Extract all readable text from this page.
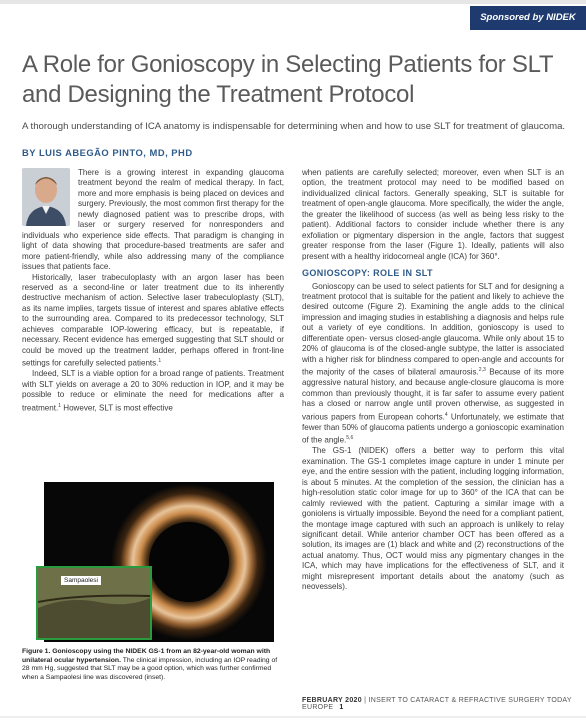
Sponsored by NIDEK
A Role for Gonioscopy in Selecting Patients for SLT and Designing the Treatment Protocol
A thorough understanding of ICA anatomy is indispensable for determining when and how to use SLT for treatment of glaucoma.
BY LUIS ABEGÃO PINTO, MD, PHD

There is a growing interest in expanding glaucoma treatment beyond the realm of medical therapy. In fact, more and more emphasis is being placed on devices and surgery. Previously, the most common first therapy for the newly diagnosed patient was to prescribe drops, with laser or surgery reserved for nonresponders and individuals who experience side effects. That paradigm is changing in light of data showing that procedure-based treatments are safer and more patient-friendly, while also addressing many of the compliance issues that patients face.

Historically, laser trabeculoplasty with an argon laser has been reserved as a second-line or later treatment due to its inherently destructive mechanism of action. Selective laser trabeculoplasty (SLT), as its name implies, targets tissue of interest and spares ablative effects to the surrounding area. Compared to its predecessor technology, SLT achieves comparable IOP-lowering efficacy, but is repeatable, if necessary. Recent evidence has emerged suggesting that SLT should or could be moved up the treatment ladder, perhaps offered in front-line settings for carefully selected patients.$^1$

Indeed, SLT is a viable option for a broad range of patients. Treatment with SLT yields on average a 20 to 30% reduction in IOP, and it may be possible to reduce or eliminate the need for medications after a treatment.$^1$ However, SLT is most effective

Sampaolesi
Figure 1. Gonioscopy using the NIDEK GS-1 from an 82-year-old woman with unilateral ocular hypertension. The clinical impression, including an IOP reading of 28 mm Hg, suggested that SLT may be a good option, which was further confirmed when a Sampaolesi line was discovered (inset).

when patients are carefully selected; moreover, even when SLT is an option, the treatment protocol may need to be modified based on individualized clinical factors. Generally speaking, SLT is suitable for treatment of open-angle glaucoma. More specifically, the wider the angle, the greater the likelihood of success (as well as being less risky to the patient). Additional factors to consider include whether there is any exfoliation or pigmentary dispersion in the angle, factors that suggest greater response from the laser (Figure 1). Ideally, patients will also present with a healthy iridocorneal angle (ICA) for 360°.

GONIOSCOPY: ROLE IN SLT

Gonioscopy can be used to select patients for SLT and for designing a treatment protocol that is suitable for the patient and likely to achieve the desired outcome (Figure 2). Examining the angle adds to the clinical impression and imaging studies in establishing a diagnosis and helps rule out a variety of eye conditions. In addition, gonioscopy is used to differentiate open- versus closed-angle glaucoma. While only about 15 to 20% of glaucoma is of the closed-angle subtype, the latter is associated with a higher risk for blindness compared to open-angle and accounts for the majority of the cases of bilateral amaurosis.$^{2,3}$ Because of its more aggressive natural history, and because angle-closure glaucoma is more common than previously thought, it is far safer to assume every patient has a closed or narrow angle until proven otherwise, as suggested in various papers from European cohorts.$^4$ Unfortunately, we estimate that fewer than 50% of glaucoma patients undergo a gonioscopic examination of the angle.$^{5,6}$

The GS-1 (NIDEK) offers a better way to perform this vital examination. The GS-1 completes image capture in under 1 minute per eye, and the entire session with the patient, including logging information, is about 5 minutes. At the completion of the session, the clinician has a high-resolution static color image for up to 360° of the ICA that can be calmly reviewed with the patient. Capturing a similar image with a goniolens is virtually impossible. Beyond the need for a compliant patient, the montage image captured with such an approach is unlikely to relay significant detail. While anterior chamber OCT has been offered as a solution, its images are (1) black and white and (2) reconstructions of the actual anatomy. Thus, OCT would miss any pigmentary changes in the ICA, which may have implications for the effectiveness of SLT, and it might misrepresent important details about the anatomy (such as neovessels).

FEBRUARY 2020 | INSERT TO CATARACT & REFRACTIVE SURGERY TODAY EUROPE 1
